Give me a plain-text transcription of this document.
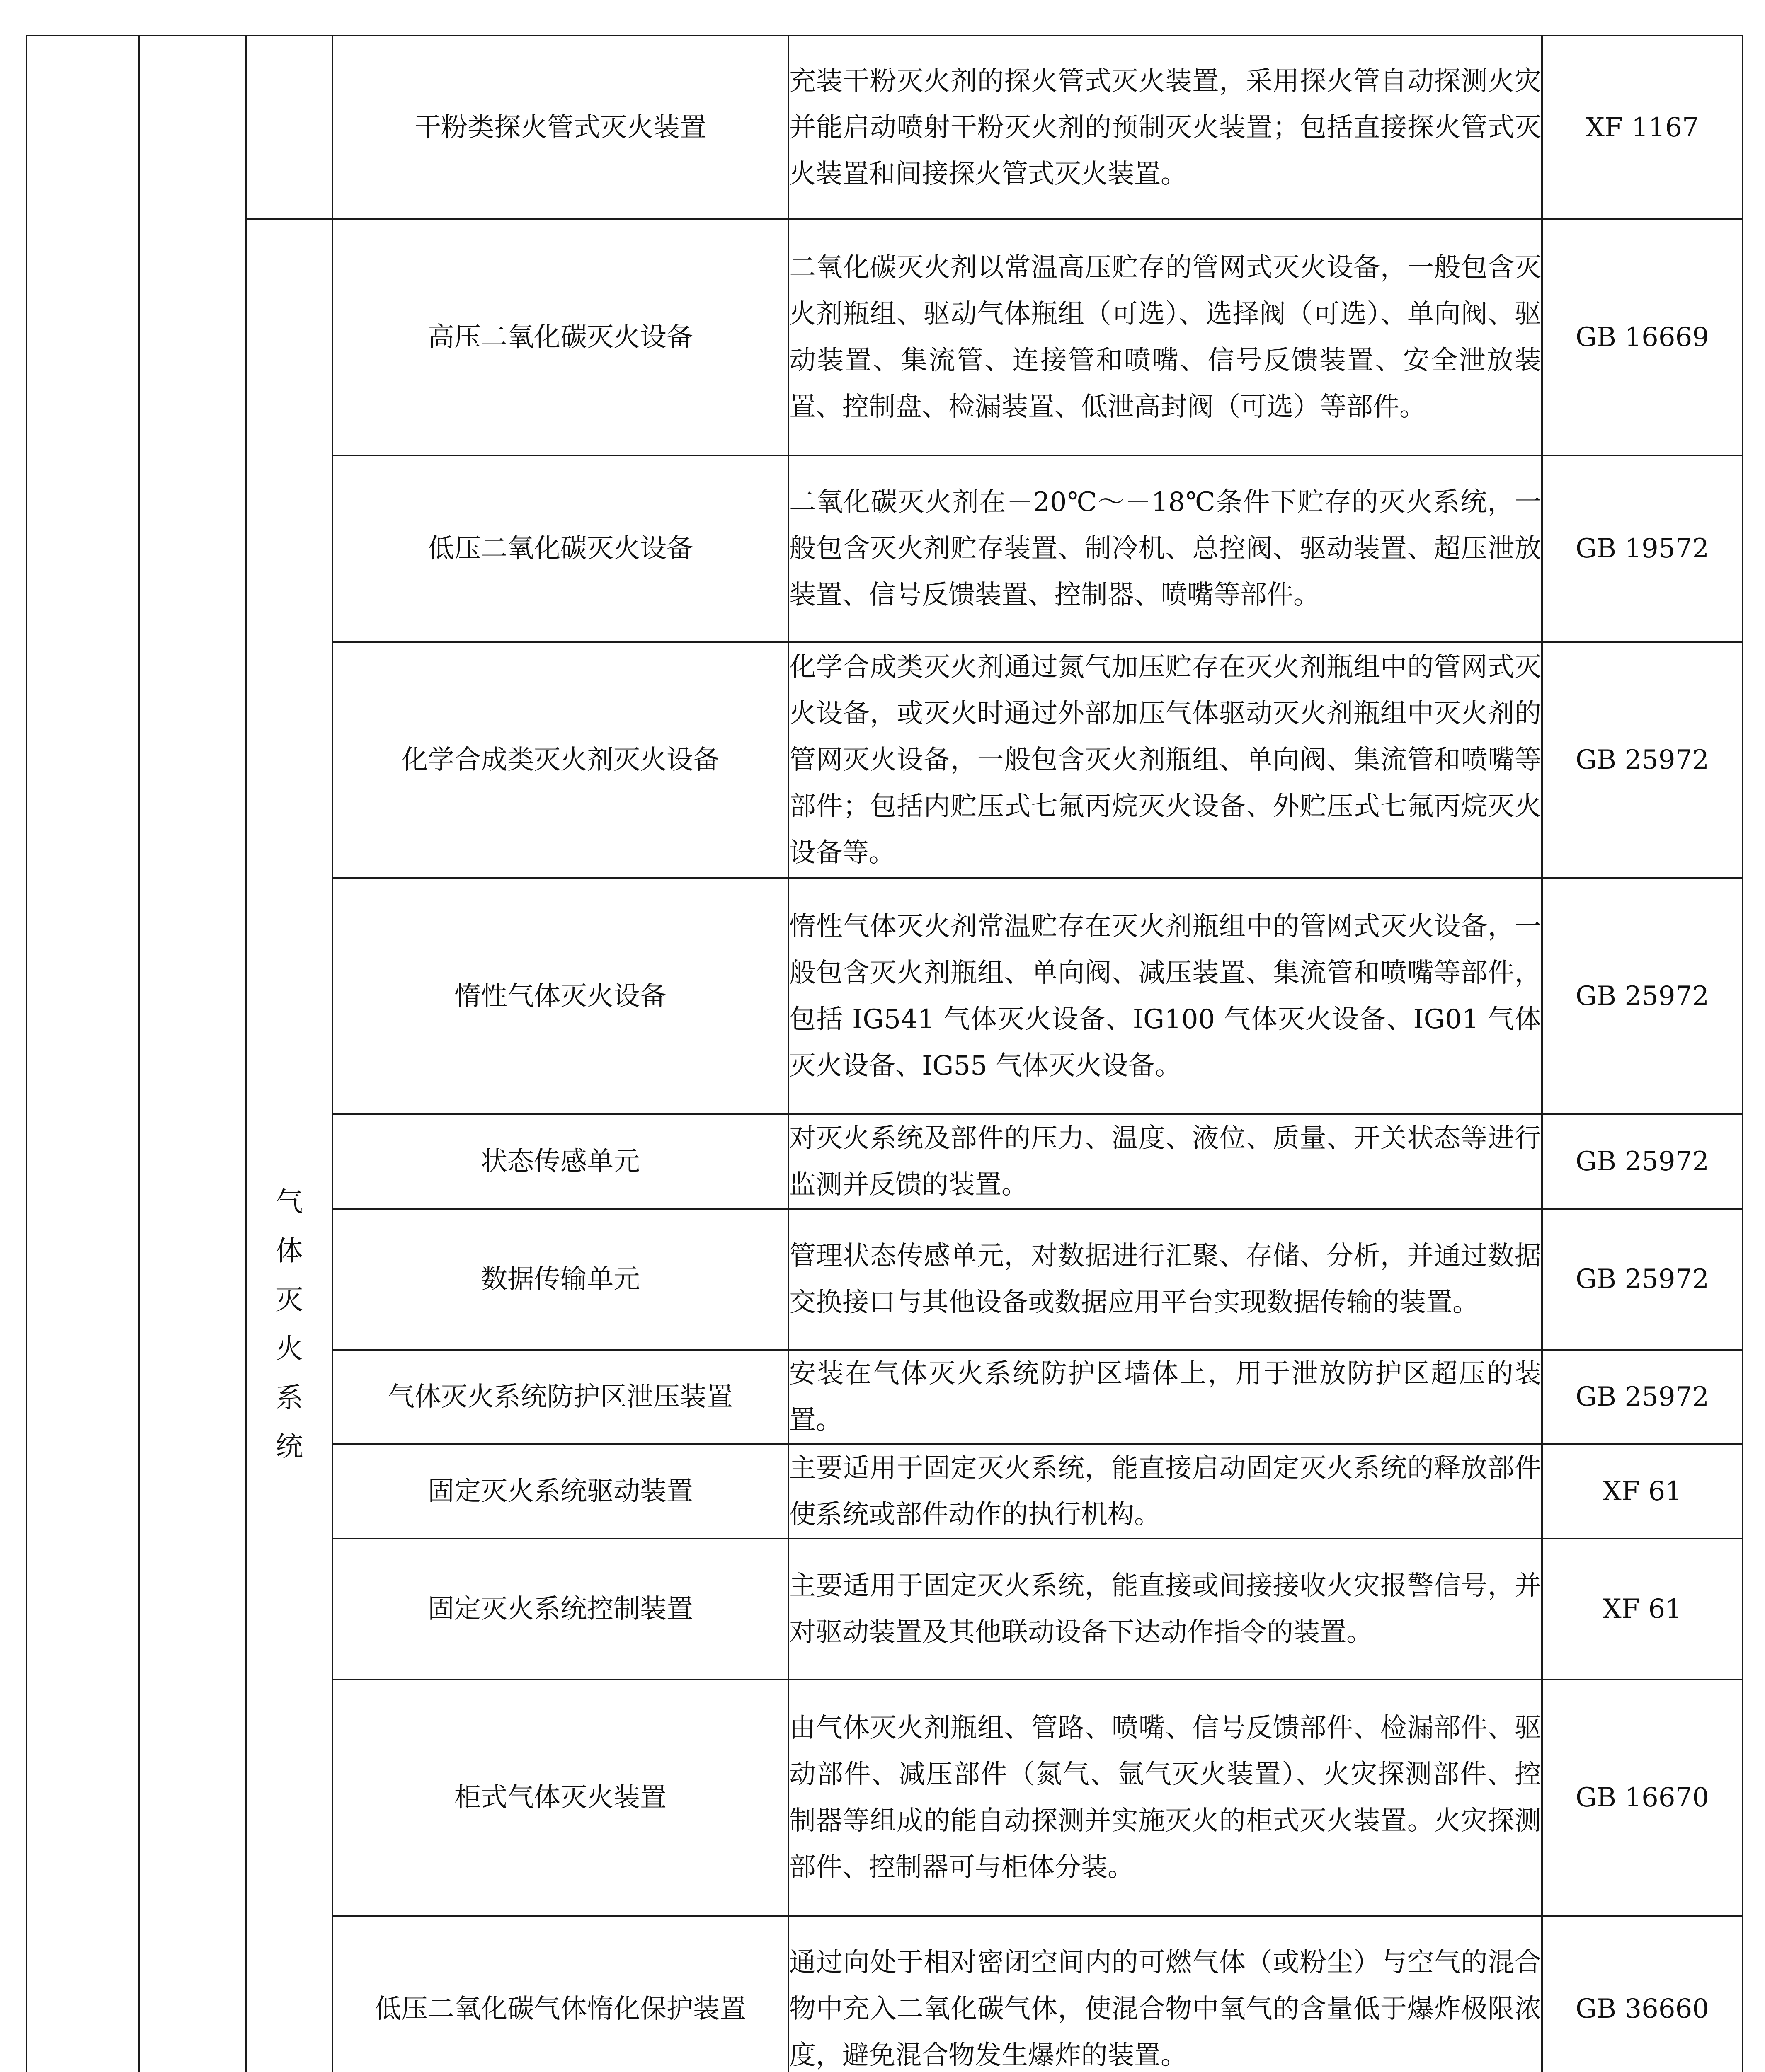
			干粉类探火管式灭火装置	充装干粉灭火剂的探火管式灭火装置，采用探火管自动探测火灾并能启动喷射干粉灭火剂的预制灭火装置；包括直接探火管式灭火装置和间接探火管式灭火装置。	XF 1167
		气体灭火系统	高压二氧化碳灭火设备	二氧化碳灭火剂以常温高压贮存的管网式灭火设备，一般包含灭火剂瓶组、驱动气体瓶组（可选）、选择阀（可选）、单向阀、驱动装置、集流管、连接管和喷嘴、信号反馈装置、安全泄放装置、控制盘、检漏装置、低泄高封阀（可选）等部件。	GB 16669
			低压二氧化碳灭火设备	二氧化碳灭火剂在－20℃～－18℃条件下贮存的灭火系统，一般包含灭火剂贮存装置、制冷机、总控阀、驱动装置、超压泄放装置、信号反馈装置、控制器、喷嘴等部件。	GB 19572
			化学合成类灭火剂灭火设备	化学合成类灭火剂通过氮气加压贮存在灭火剂瓶组中的管网式灭火设备，或灭火时通过外部加压气体驱动灭火剂瓶组中灭火剂的管网灭火设备，一般包含灭火剂瓶组、单向阀、集流管和喷嘴等部件；包括内贮压式七氟丙烷灭火设备、外贮压式七氟丙烷灭火设备等。	GB 25972
			惰性气体灭火设备	惰性气体灭火剂常温贮存在灭火剂瓶组中的管网式灭火设备，一般包含灭火剂瓶组、单向阀、减压装置、集流管和喷嘴等部件，包括 IG541 气体灭火设备、IG100 气体灭火设备、IG01 气体灭火设备、IG55 气体灭火设备。	GB 25972
			状态传感单元	对灭火系统及部件的压力、温度、液位、质量、开关状态等进行监测并反馈的装置。	GB 25972
			数据传输单元	管理状态传感单元，对数据进行汇聚、存储、分析，并通过数据交换接口与其他设备或数据应用平台实现数据传输的装置。	GB 25972
			气体灭火系统防护区泄压装置	安装在气体灭火系统防护区墙体上，用于泄放防护区超压的装置。	GB 25972
			固定灭火系统驱动装置	主要适用于固定灭火系统，能直接启动固定灭火系统的释放部件使系统或部件动作的执行机构。	XF 61
			固定灭火系统控制装置	主要适用于固定灭火系统，能直接或间接接收火灾报警信号，并对驱动装置及其他联动设备下达动作指令的装置。	XF 61
			柜式气体灭火装置	由气体灭火剂瓶组、管路、喷嘴、信号反馈部件、检漏部件、驱动部件、减压部件（氮气、氩气灭火装置）、火灾探测部件、控制器等组成的能自动探测并实施灭火的柜式灭火装置。火灾探测部件、控制器可与柜体分装。	GB 16670
			低压二氧化碳气体惰化保护装置	通过向处于相对密闭空间内的可燃气体（或粉尘）与空气的混合物中充入二氧化碳气体，使混合物中氧气的含量低于爆炸极限浓度，避免混合物发生爆炸的装置。	GB 36660
